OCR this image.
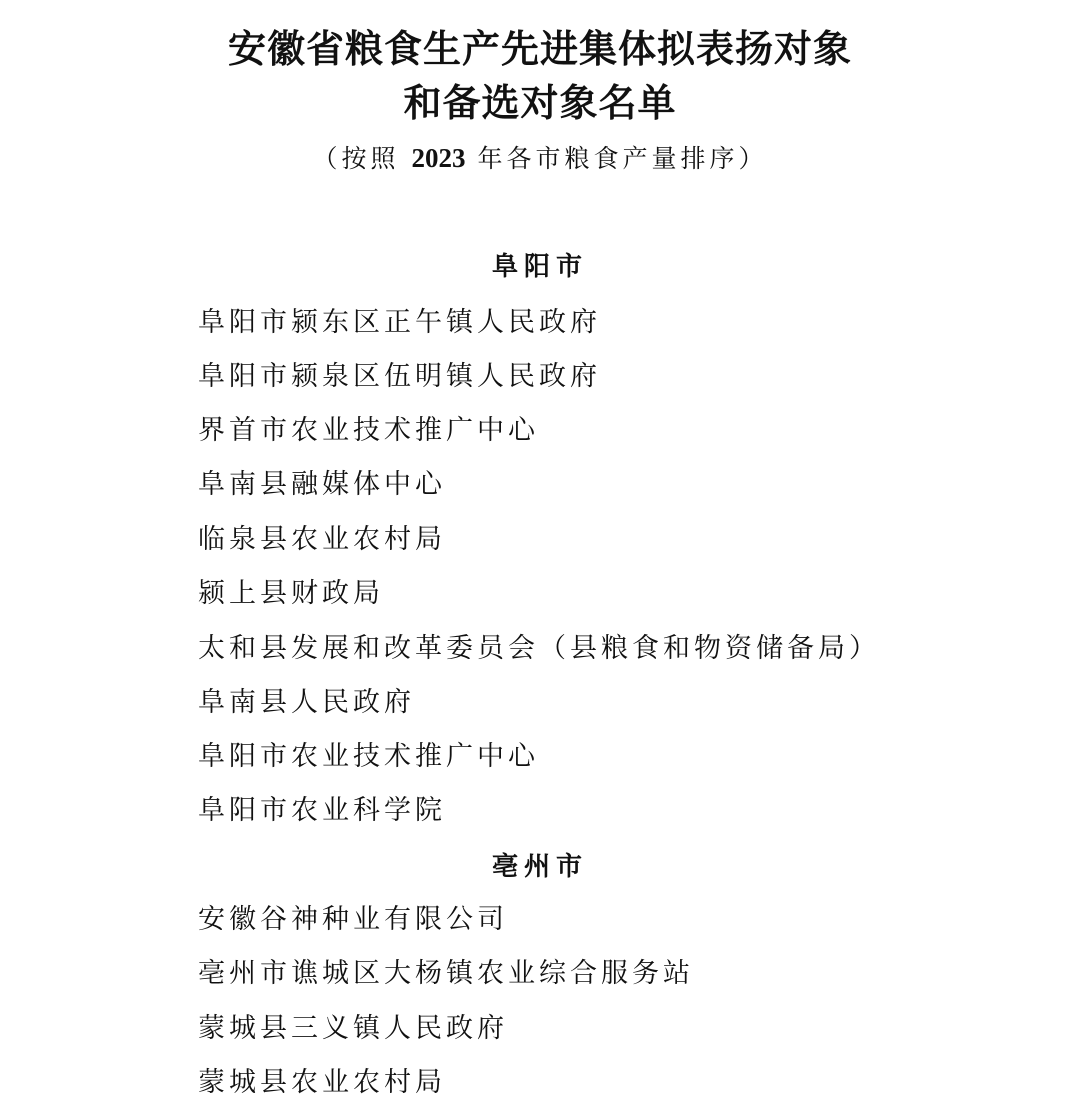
安徽省粮食生产先进集体拟表扬对象
和备选对象名单
（按照 2023 年各市粮食产量排序）
阜阳市
阜阳市颍东区正午镇人民政府
阜阳市颍泉区伍明镇人民政府
界首市农业技术推广中心
阜南县融媒体中心
临泉县农业农村局
颍上县财政局
太和县发展和改革委员会（县粮食和物资储备局）
阜南县人民政府
阜阳市农业技术推广中心
阜阳市农业科学院
亳州市
安徽谷神种业有限公司
亳州市谯城区大杨镇农业综合服务站
蒙城县三义镇人民政府
蒙城县农业农村局
